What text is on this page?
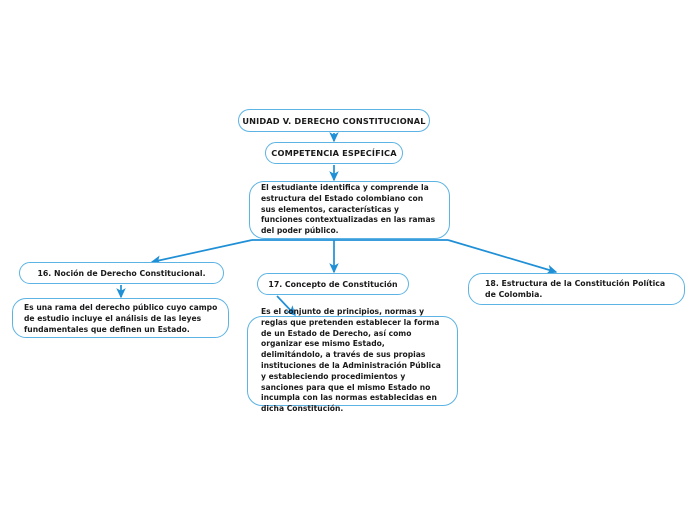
UNIDAD V. DERECHO CONSTITUCIONAL
COMPETENCIA ESPECÍFICA
El estudiante identifica y comprende la estructura del Estado colombiano con sus elementos, características y funciones contextualizadas en las ramas del poder público.
16. Noción de Derecho Constitucional.
Es una rama del derecho público cuyo campo de estudio incluye el análisis de las leyes fundamentales que definen un Estado.
17. Concepto de Constitución
Es el conjunto de principios, normas y reglas que pretenden establecer la forma de un Estado de Derecho, así como organizar ese mismo Estado, delimitándolo, a través de sus propias instituciones de la Administración Pública y estableciendo procedimientos y sanciones para que el mismo Estado no incumpla con las normas establecidas en dicha Constitución.
18. Estructura de la Constitución Política de Colombia.
